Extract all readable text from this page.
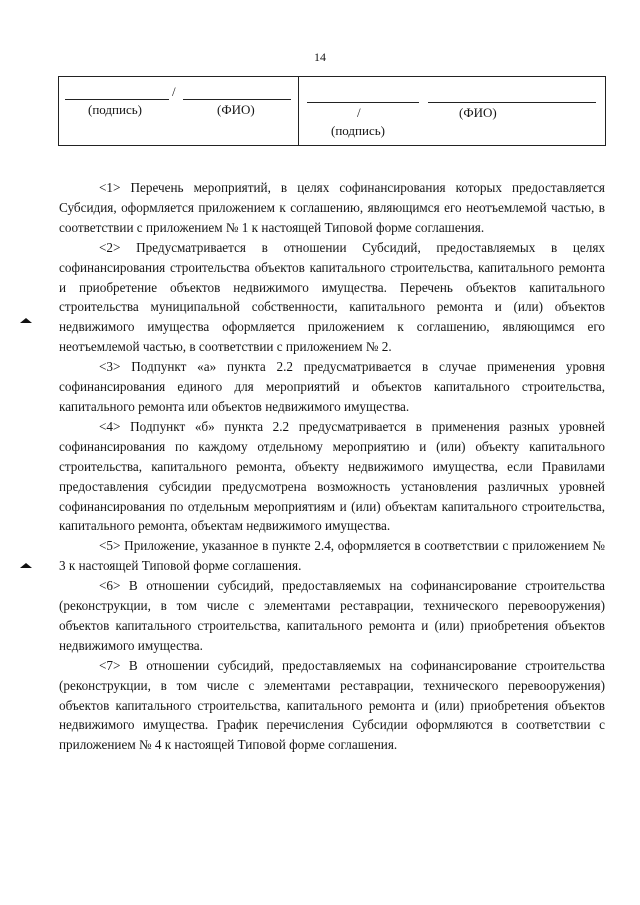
14
/
(подпись)	(ФИО)	/
(подпись)
(ФИО)

<1> Перечень мероприятий, в целях софинансирования которых предоставляется Субсидия, оформляется приложением к соглашению, являющимся его неотъемлемой частью, в соответствии с приложением № 1 к настоящей Типовой форме соглашения.

<2> Предусматривается в отношении Субсидий, предоставляемых в целях софинансирования строительства объектов капитального строительства, капитального ремонта и приобретение объектов недвижимого имущества. Перечень объектов капитального строительства муниципальной собственности, капитального ремонта и (или) объектов недвижимого имущества оформляется приложением к соглашению, являющимся его неотъемлемой частью, в соответствии с приложением № 2.

<3> Подпункт «а» пункта 2.2 предусматривается в случае применения уровня софинансирования единого для мероприятий и объектов капитального строительства, капитального ремонта или объектов недвижимого имущества.

<4> Подпункт «б» пункта 2.2 предусматривается в применения разных уровней софинансирования по каждому отдельному мероприятию и (или) объекту капитального строительства, капитального ремонта, объекту недвижимого имущества, если Правилами предоставления субсидии предусмотрена возможность установления различных уровней софинансирования по отдельным мероприятиям и (или) объектам капитального строительства, капитального ремонта, объектам недвижимого имущества.

<5> Приложение, указанное в пункте 2.4, оформляется в соответствии с приложением № 3 к настоящей Типовой форме соглашения.

<6> В отношении субсидий, предоставляемых на софинансирование строительства (реконструкции, в том числе с элементами реставрации, технического перевооружения) объектов капитального строительства, капитального ремонта и (или) приобретения объектов недвижимого имущества.

<7> В отношении субсидий, предоставляемых на софинансирование строительства (реконструкции, в том числе с элементами реставрации, технического перевооружения) объектов капитального строительства, капитального ремонта и (или) приобретения объектов недвижимого имущества. График перечисления Субсидии оформляются в соответствии с приложением № 4 к настоящей Типовой форме соглашения.
